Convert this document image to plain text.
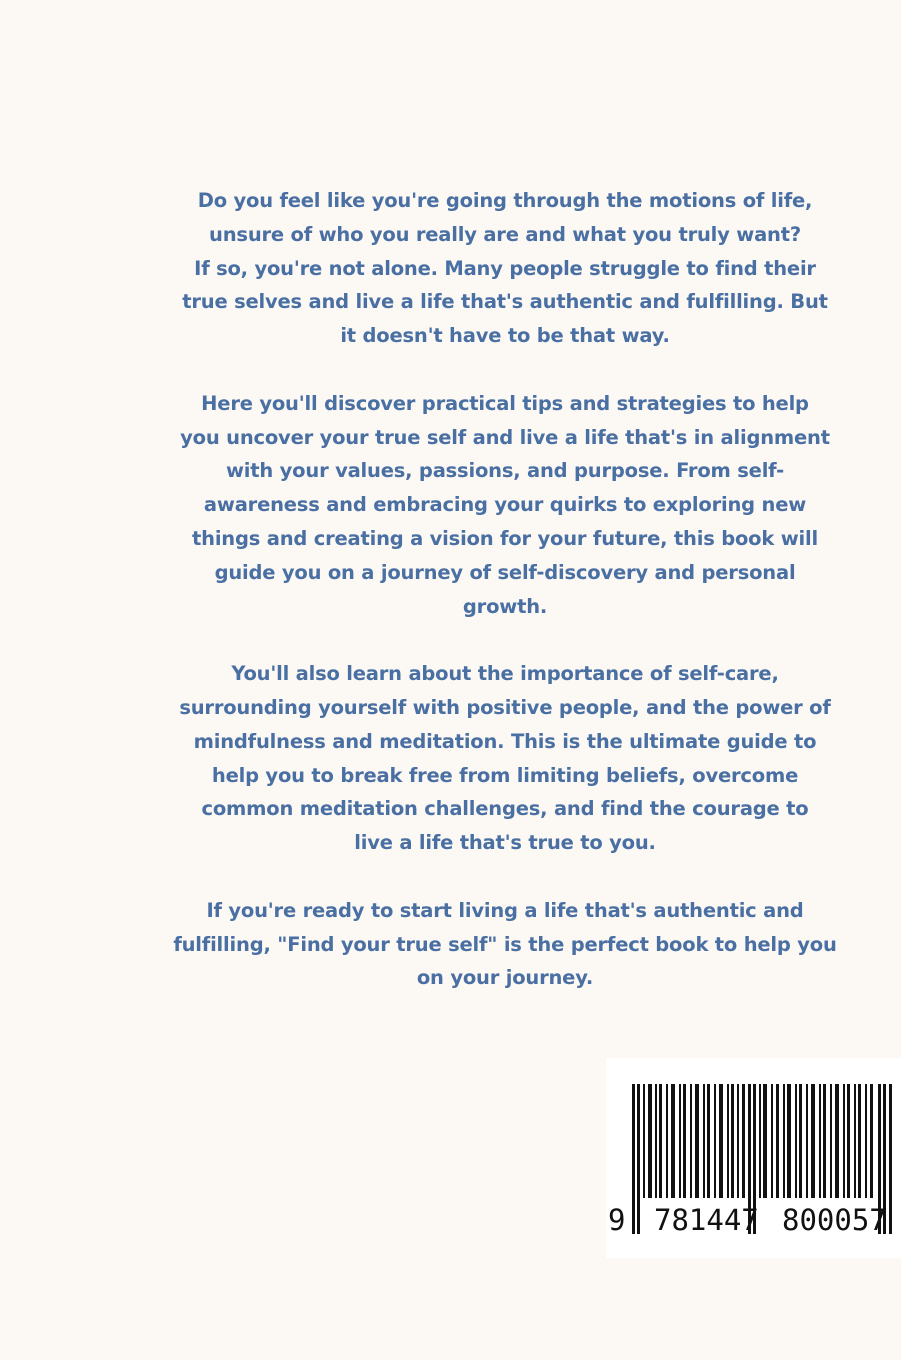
Do you feel like you're going through the motions of life,
unsure of who you really are and what you truly want?
If so, you're not alone. Many people struggle to find their
true selves and live a life that's authentic and fulfilling. But
it doesn't have to be that way.

Here you'll discover practical tips and strategies to help
you uncover your true self and live a life that's in alignment
with your values, passions, and purpose. From self-
awareness and embracing your quirks to exploring new
things and creating a vision for your future, this book will
guide you on a journey of self-discovery and personal
growth.

You'll also learn about the importance of self-care,
surrounding yourself with positive people, and the power of
mindfulness and meditation. This is the ultimate guide to
help you to break free from limiting beliefs, overcome
common meditation challenges, and find the courage to
live a life that's true to you.

If you're ready to start living a life that's authentic and
fulfilling, "Find your true self" is the perfect book to help you
on your journey.

9 781447 800057
